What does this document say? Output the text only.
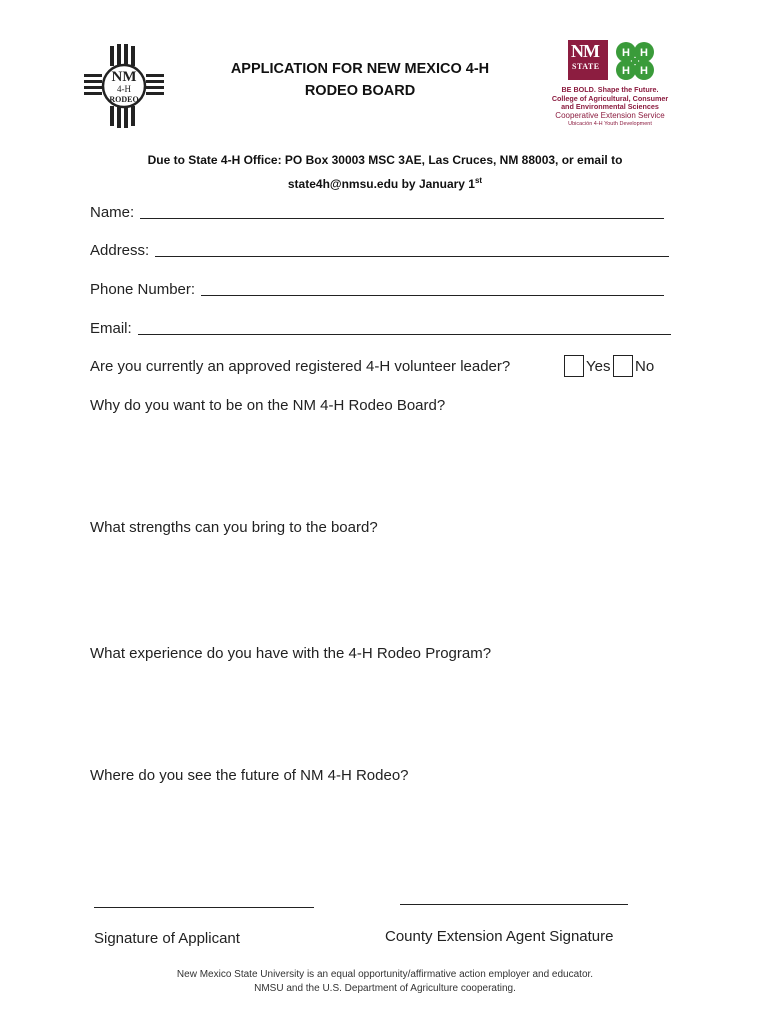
NM
4-H
RODEO
APPLICATION FOR NEW MEXICO 4-H
RODEO BOARD
NM
STATE
H H
H H
BE BOLD. Shape the Future.
College of Agricultural, Consumer
and Environmental Sciences
Cooperative Extension Service
Ubicación 4-H Youth Development
Due to State 4-H Office: PO Box 30003 MSC 3AE, Las Cruces, NM 88003, or email to
state4h@nmsu.edu by January 1st
Name:
Address:
Phone Number:
Email:
Are you currently an approved registered 4-H volunteer leader?	Yes No
Why do you want to be on the NM 4-H Rodeo Board?
What strengths can you bring to the board?
What experience do you have with the 4-H Rodeo Program?
Where do you see the future of NM 4-H Rodeo?
Signature of Applicant	County Extension Agent Signature
New Mexico State University is an equal opportunity/affirmative action employer and educator.
NMSU and the U.S. Department of Agriculture cooperating.
